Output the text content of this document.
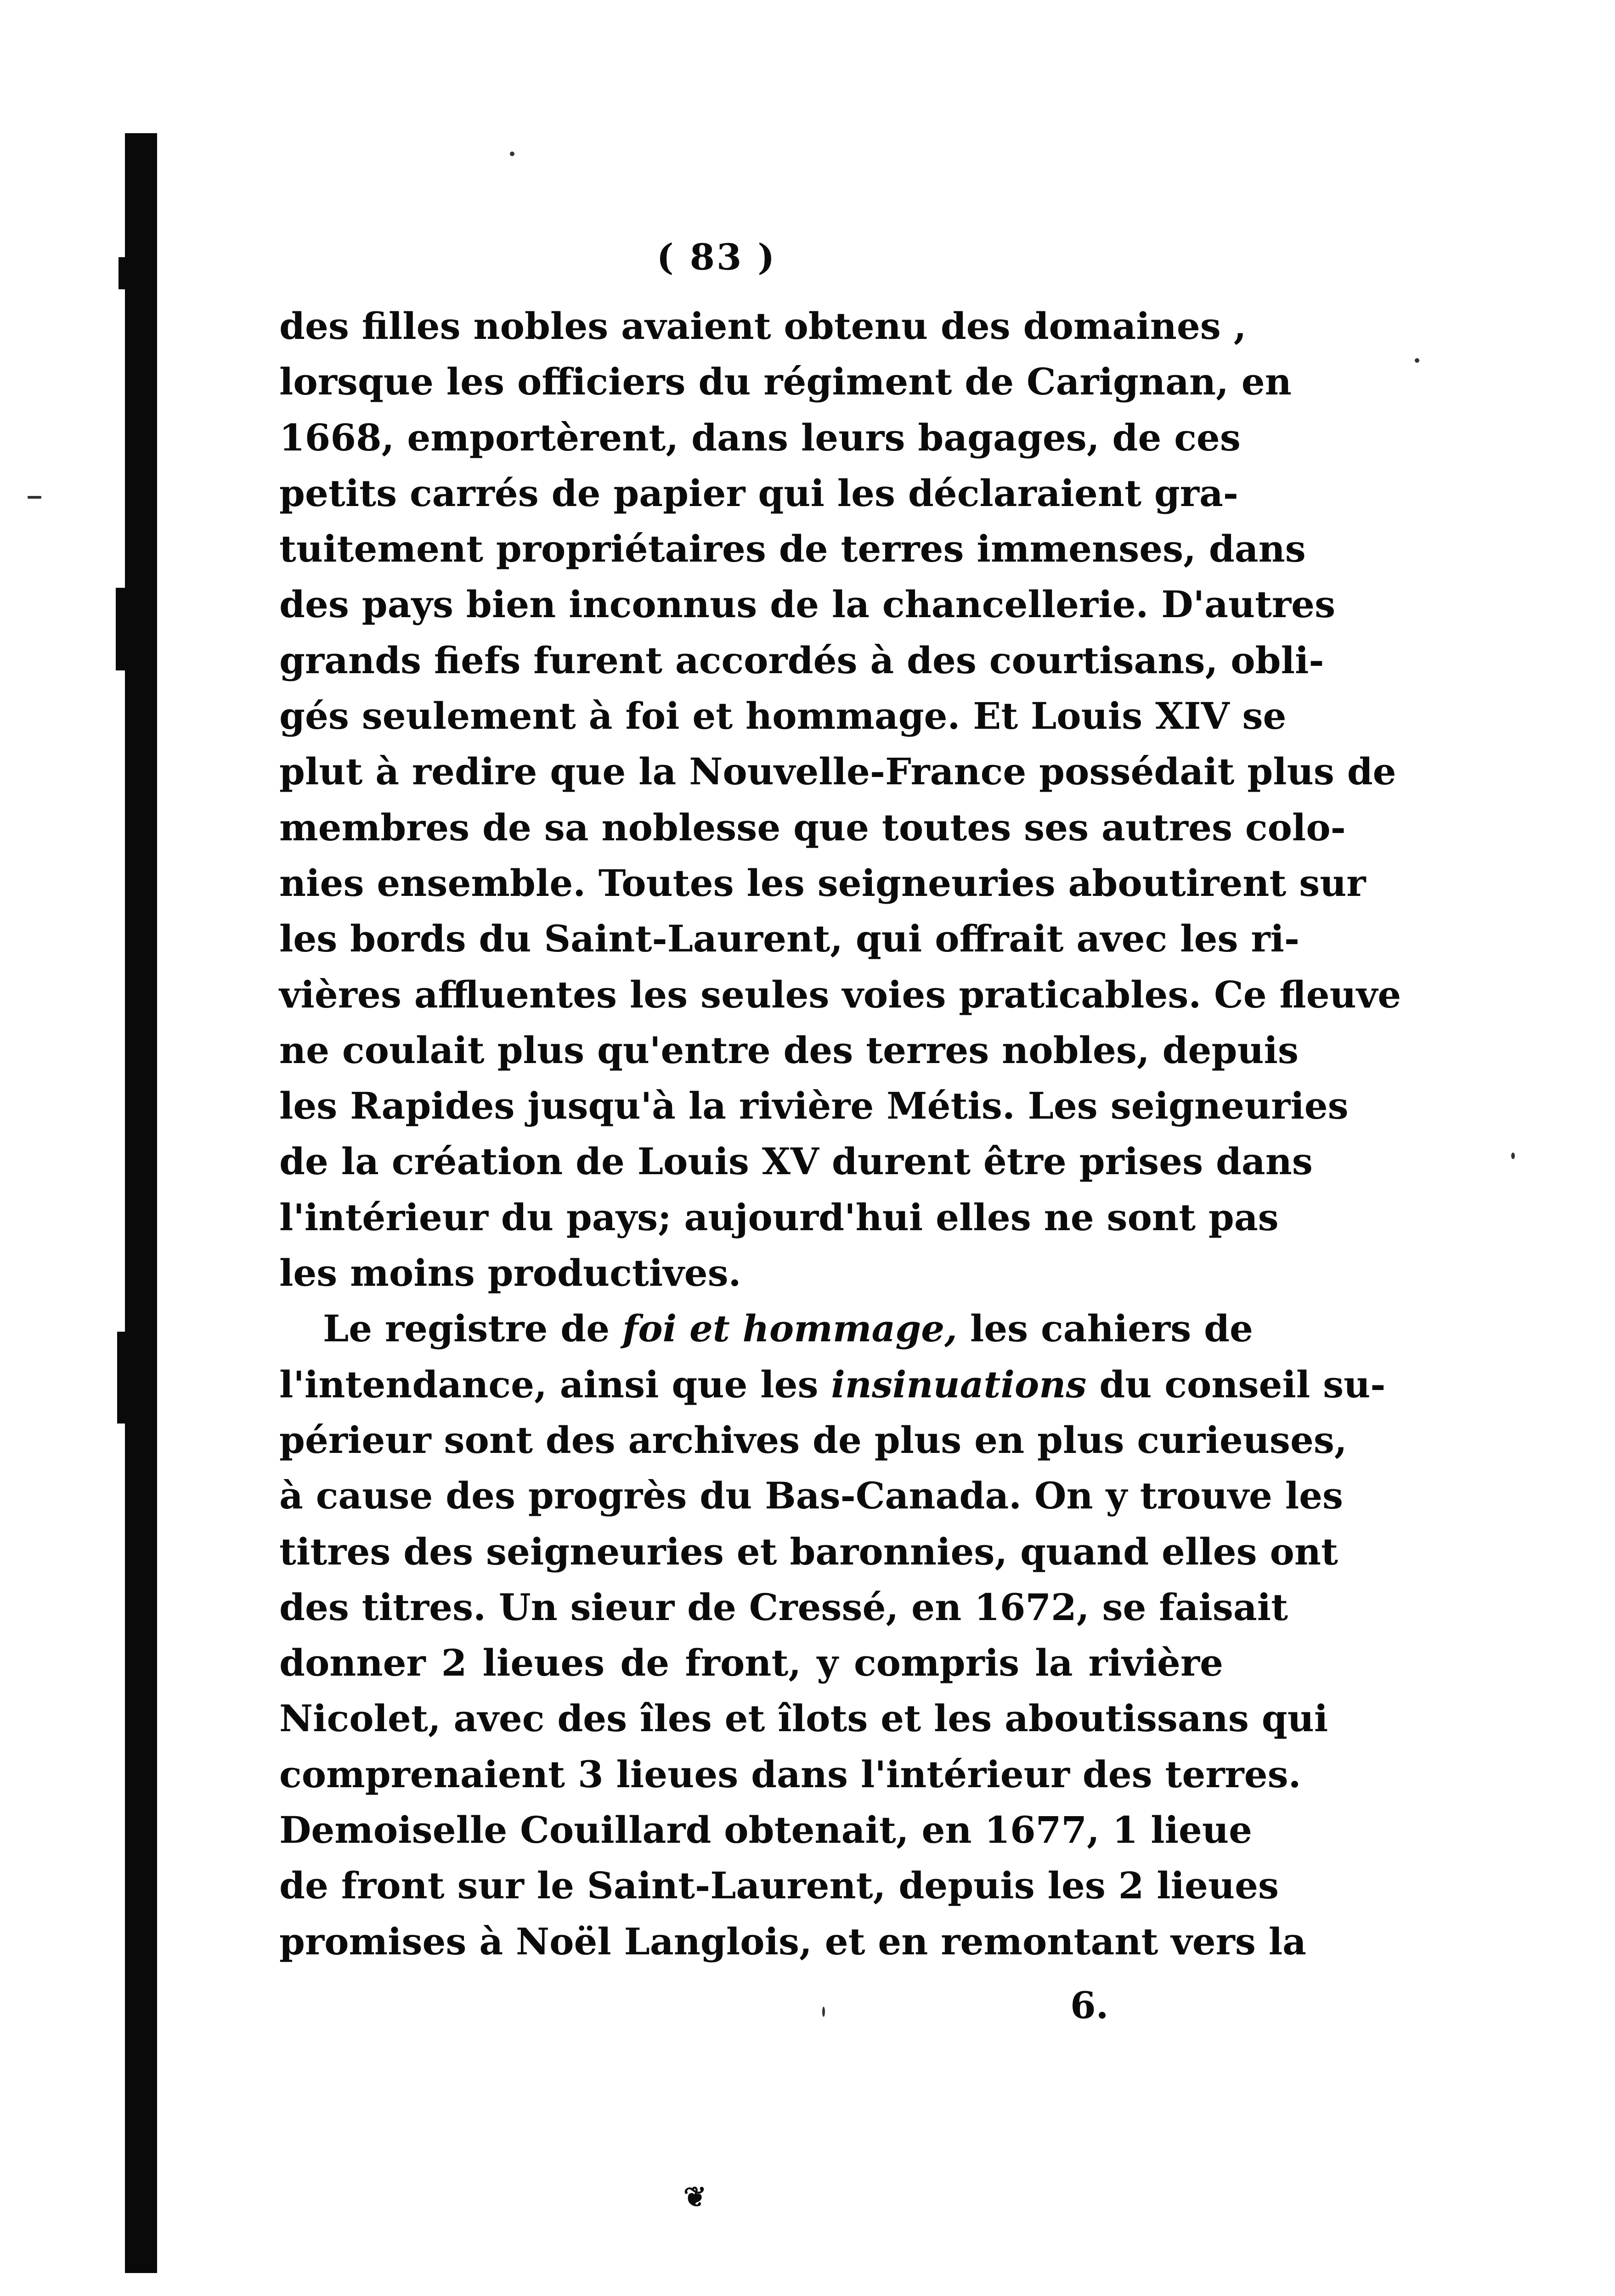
( 83 )
des filles nobles avaient obtenu des domaines ,
lorsque les officiers du régiment de Carignan, en
1668, emportèrent, dans leurs bagages, de ces
petits carrés de papier qui les déclaraient gra-
tuitement propriétaires de terres immenses, dans
des pays bien inconnus de la chancellerie. D'autres
grands fiefs furent accordés à des courtisans, obli-
gés seulement à foi et hommage. Et Louis XIV se
plut à redire que la Nouvelle-France possédait plus de
membres de sa noblesse que toutes ses autres colo-
nies ensemble. Toutes les seigneuries aboutirent sur
les bords du Saint-Laurent, qui offrait avec les ri-
vières affluentes les seules voies praticables. Ce fleuve
ne coulait plus qu'entre des terres nobles, depuis
les Rapides jusqu'à la rivière Métis. Les seigneuries
de la création de Louis XV durent être prises dans
l'intérieur du pays; aujourd'hui elles ne sont pas
les moins productives.
Le registre de foi et hommage, les cahiers de
l'intendance, ainsi que les insinuations du conseil su-
périeur sont des archives de plus en plus curieuses,
à cause des progrès du Bas-Canada. On y trouve les
titres des seigneuries et baronnies, quand elles ont
des titres. Un sieur de Cressé, en 1672, se faisait
donner 2 lieues de front, y compris la rivière
Nicolet, avec des îles et îlots et les aboutissans qui
comprenaient 3 lieues dans l'intérieur des terres.
Demoiselle Couillard obtenait, en 1677, 1 lieue
de front sur le Saint-Laurent, depuis les 2 lieues
promises à Noël Langlois, et en remontant vers la
6.
❦
